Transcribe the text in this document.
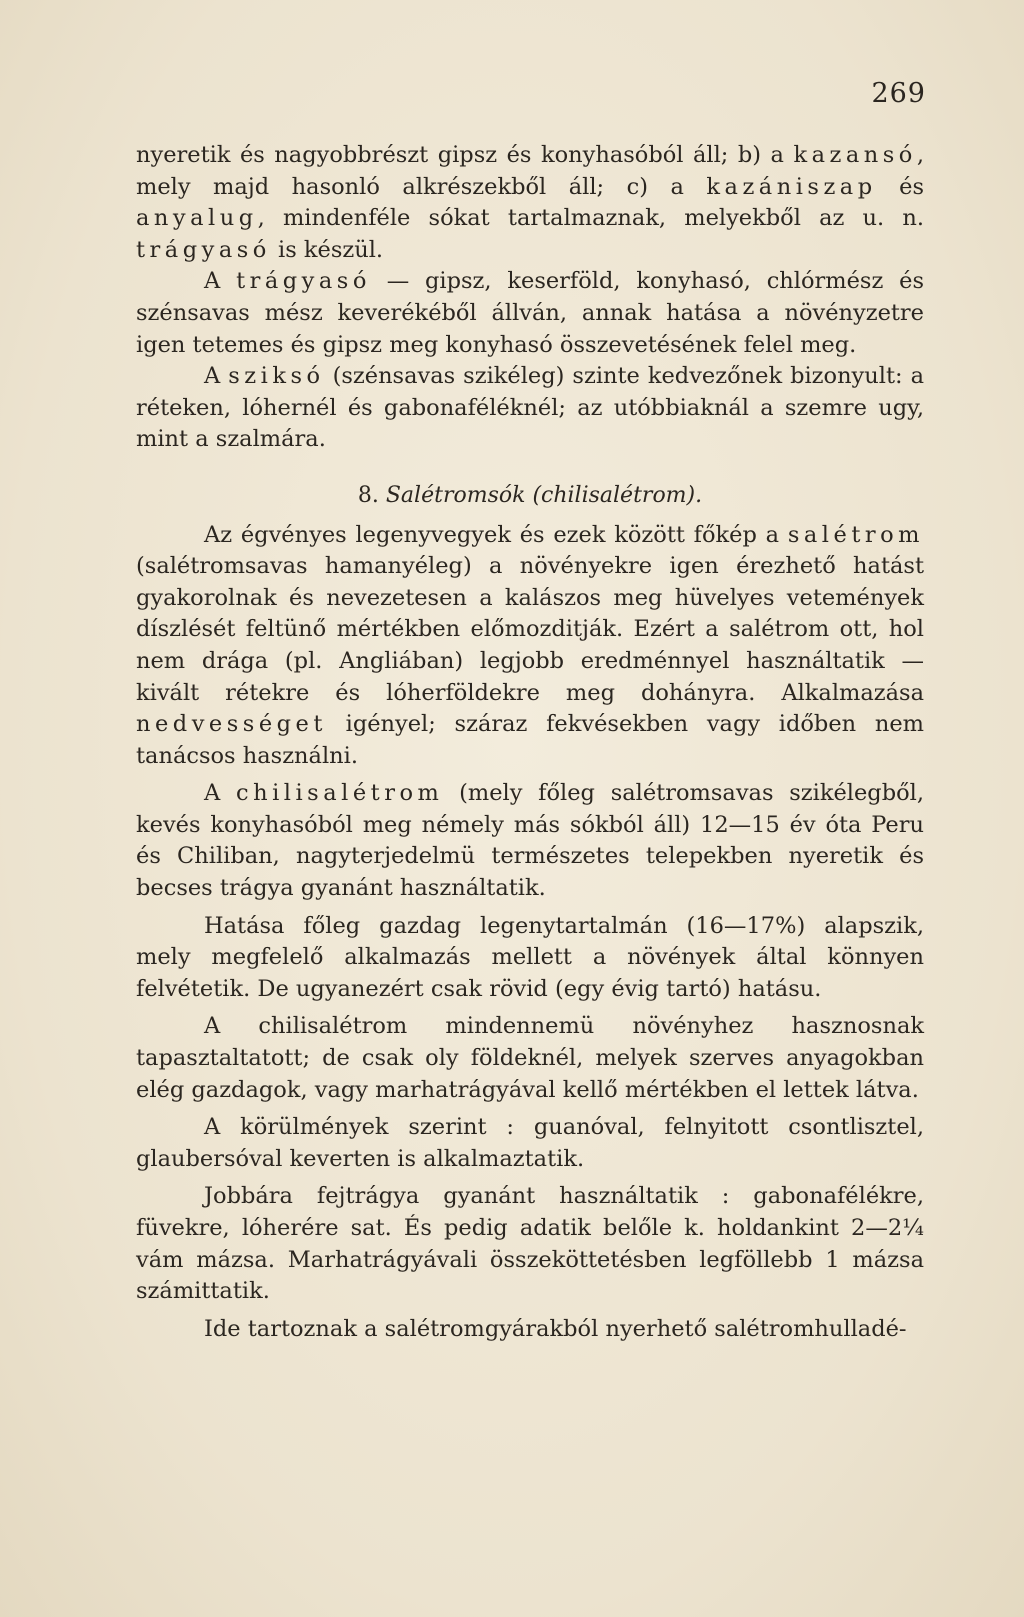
269

nyeretik és nagyobbrészt gipsz és konyhasóból áll; b) a kazansó, mely majd hasonló alkrészekből áll; c) a kazániszap és anyalug, mindenféle sókat tartalmaznak, melyekből az u. n. trágyasó is készül.

A trágyasó — gipsz, keserföld, konyhasó, chlórmész és szénsavas mész keverékéből állván, annak hatása a növényzetre igen tetemes és gipsz meg konyhasó összevetésének felel meg.

A sziksó (szénsavas szikéleg) szinte kedvezőnek bizonyult: a réteken, lóhernél és gabonaféléknél; az utóbbiaknál a szemre ugy, mint a szalmára.

8. Salétromsók (chilisalétrom).

Az égvényes legenyvegyek és ezek között főkép a salétrom (salétromsavas hamanyéleg) a növényekre igen érezhető hatást gyakorolnak és nevezetesen a kalászos meg hüvelyes vetemények díszlését feltünő mértékben előmozditják. Ezért a salétrom ott, hol nem drága (pl. Angliában) legjobb eredménnyel használtatik — kivált rétekre és lóherföldekre meg dohányra. Alkalmazása nedvességet igényel; száraz fekvésekben vagy időben nem tanácsos használni.

A chilisalétrom (mely főleg salétromsavas szikélegből, kevés konyhasóból meg némely más sókból áll) 12—15 év óta Peru és Chiliban, nagyterjedelmü természetes telepekben nyeretik és becses trágya gyanánt használtatik.

Hatása főleg gazdag legenytartalmán (16—17%) alapszik, mely megfelelő alkalmazás mellett a növények által könnyen felvétetik. De ugyanezért csak rövid (egy évig tartó) hatásu.

A chilisalétrom mindennemü növényhez hasznosnak tapasztaltatott; de csak oly földeknél, melyek szerves anyagokban elég gazdagok, vagy marhatrágyával kellő mértékben el lettek látva.

A körülmények szerint : guanóval, felnyitott csontlisztel, glaubersóval keverten is alkalmaztatik.

Jobbára fejtrágya gyanánt használtatik : gabonafélékre, füvekre, lóherére sat. És pedig adatik belőle k. holdankint 2—2¼ vám mázsa. Marhatrágyávali összeköttetésben legföllebb 1 mázsa számittatik.

Ide tartoznak a salétromgyárakból nyerhető salétromhulladé-
